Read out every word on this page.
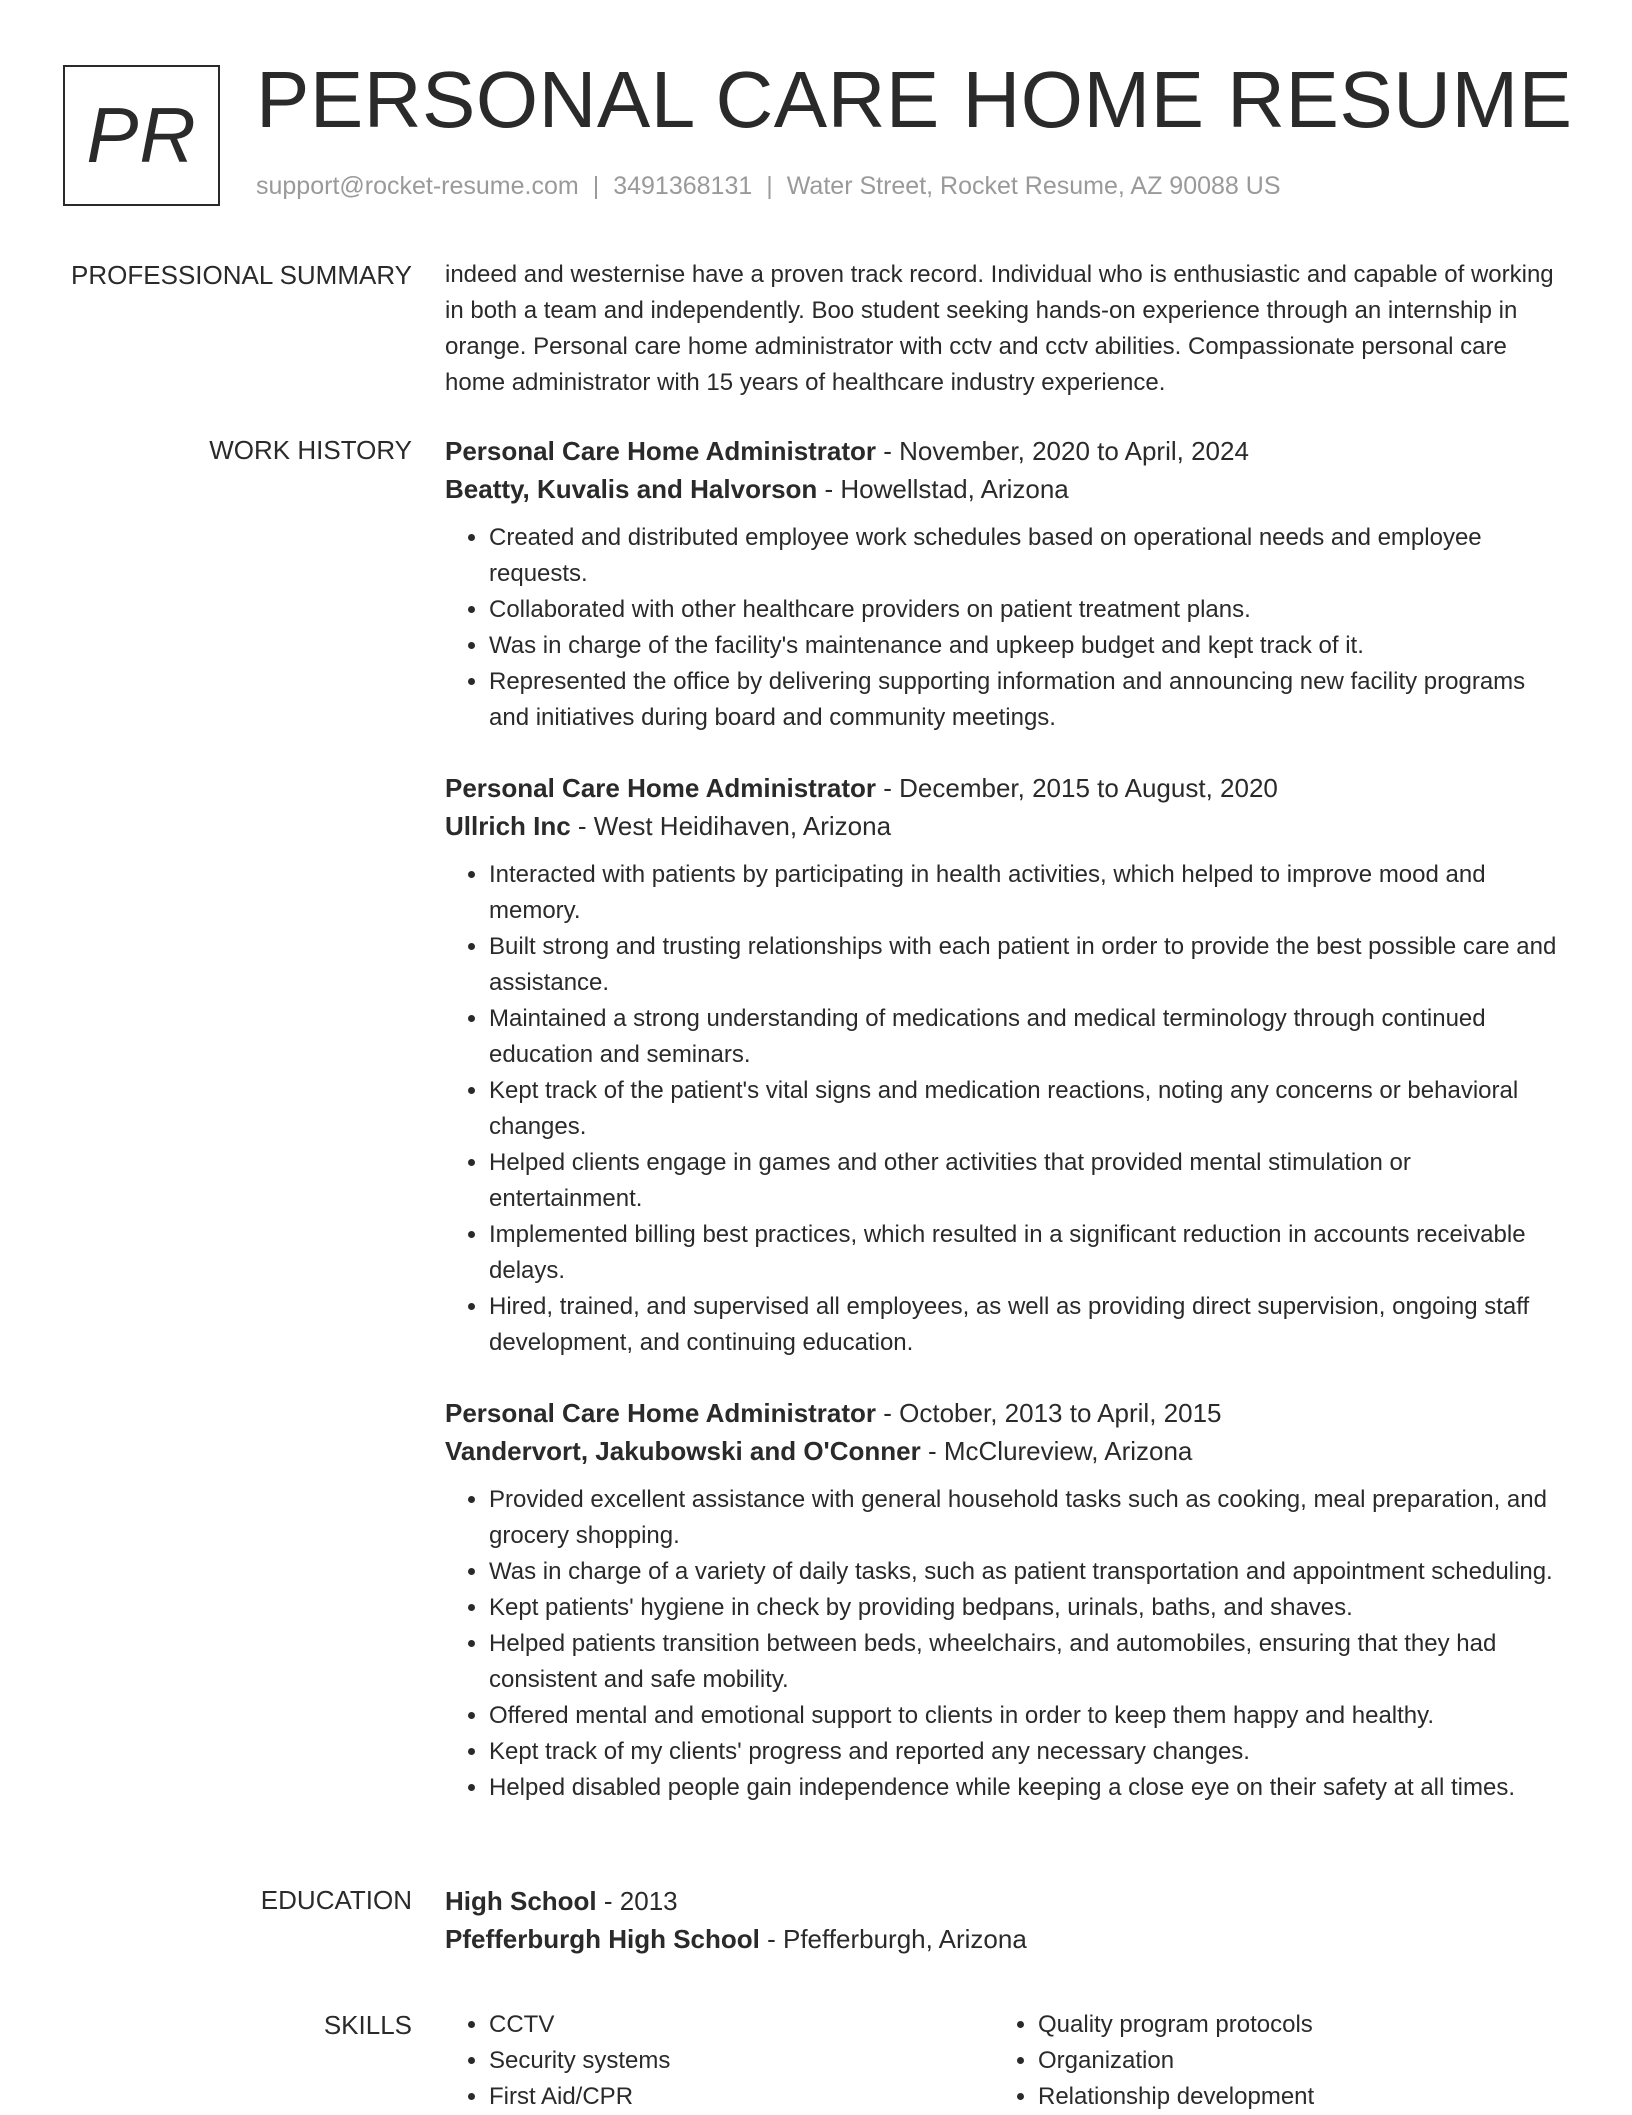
PR PERSONAL CARE HOME RESUME
support@rocket-resume.com | 3491368131 | Water Street, Rocket Resume, AZ 90088 US
PROFESSIONAL SUMMARY indeed and westernise have a proven track record. Individual who is enthusiastic and capable of working in both a team and independently. Boo student seeking hands-on experience through an internship in orange. Personal care home administrator with cctv and cctv abilities. Compassionate personal care home administrator with 15 years of healthcare industry experience.

WORK HISTORY Personal Care Home Administrator - November, 2020 to April, 2024
Beatty, Kuvalis and Halvorson - Howellstad, Arizona
• Created and distributed employee work schedules based on operational needs and employee requests.
• Collaborated with other healthcare providers on patient treatment plans.
• Was in charge of the facility's maintenance and upkeep budget and kept track of it.
• Represented the office by delivering supporting information and announcing new facility programs and initiatives during board and community meetings.
Personal Care Home Administrator - December, 2015 to August, 2020
Ullrich Inc - West Heidihaven, Arizona
• Interacted with patients by participating in health activities, which helped to improve mood and memory.
• Built strong and trusting relationships with each patient in order to provide the best possible care and assistance.
• Maintained a strong understanding of medications and medical terminology through continued education and seminars.
• Kept track of the patient's vital signs and medication reactions, noting any concerns or behavioral changes.
• Helped clients engage in games and other activities that provided mental stimulation or entertainment.
• Implemented billing best practices, which resulted in a significant reduction in accounts receivable delays.
• Hired, trained, and supervised all employees, as well as providing direct supervision, ongoing staff development, and continuing education.
Personal Care Home Administrator - October, 2013 to April, 2015
Vandervort, Jakubowski and O'Conner - McClureview, Arizona
• Provided excellent assistance with general household tasks such as cooking, meal preparation, and grocery shopping.
• Was in charge of a variety of daily tasks, such as patient transportation and appointment scheduling.
• Kept patients' hygiene in check by providing bedpans, urinals, baths, and shaves.
• Helped patients transition between beds, wheelchairs, and automobiles, ensuring that they had consistent and safe mobility.
• Offered mental and emotional support to clients in order to keep them happy and healthy.
• Kept track of my clients' progress and reported any necessary changes.
• Helped disabled people gain independence while keeping a close eye on their safety at all times.
EDUCATION High School - 2013
Pfefferburgh High School - Pfefferburgh, Arizona
SKILLS
•	CCTV
• Security systems
• First Aid/CPR
• Quality program protocols
• Organization
• Relationship development
